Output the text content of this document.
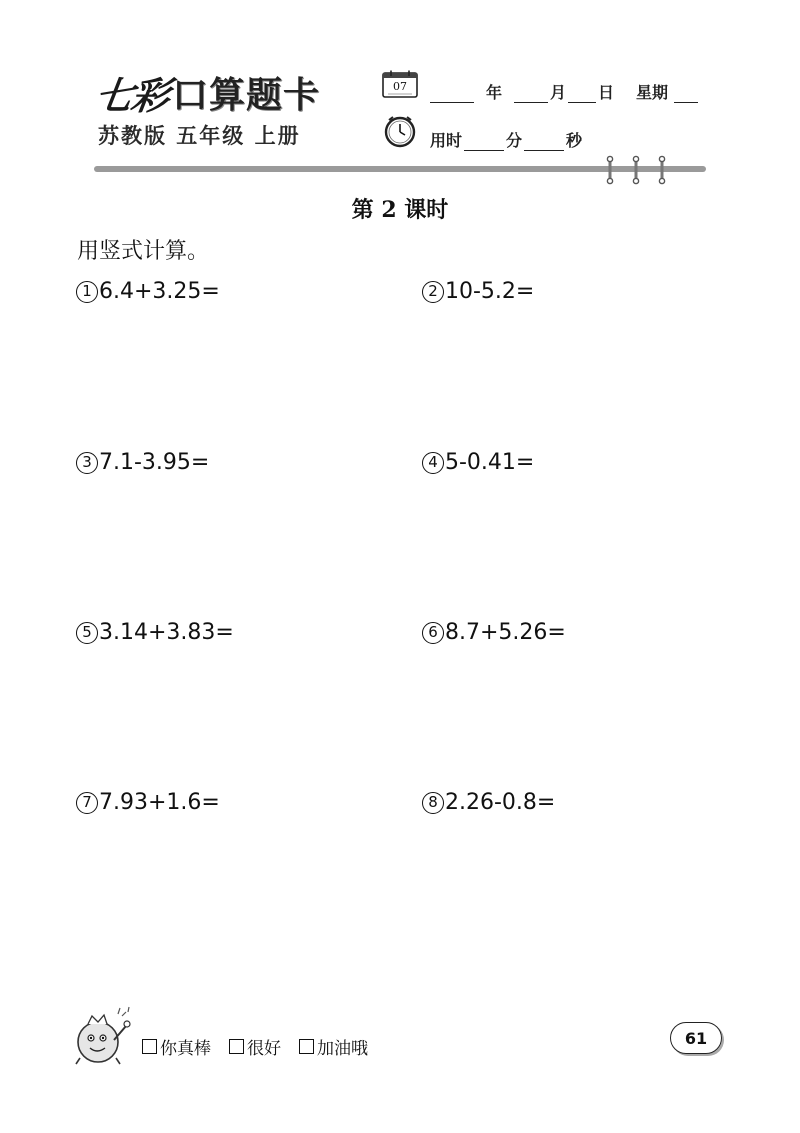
七彩 口算题卡
苏教版 五年级 上册
07	年	月 日 星期
用时	分	秒
第 2 课时
用竖式计算。
1 6.4+3.25=	2 10-5.2=
3 7.1-3.95=	4 5-0.41=
5 3.14+3.83=	6 8.7+5.26=
7 7.93+1.6=	8 2.26-0.8=
你真棒 很好 加油哦
61
